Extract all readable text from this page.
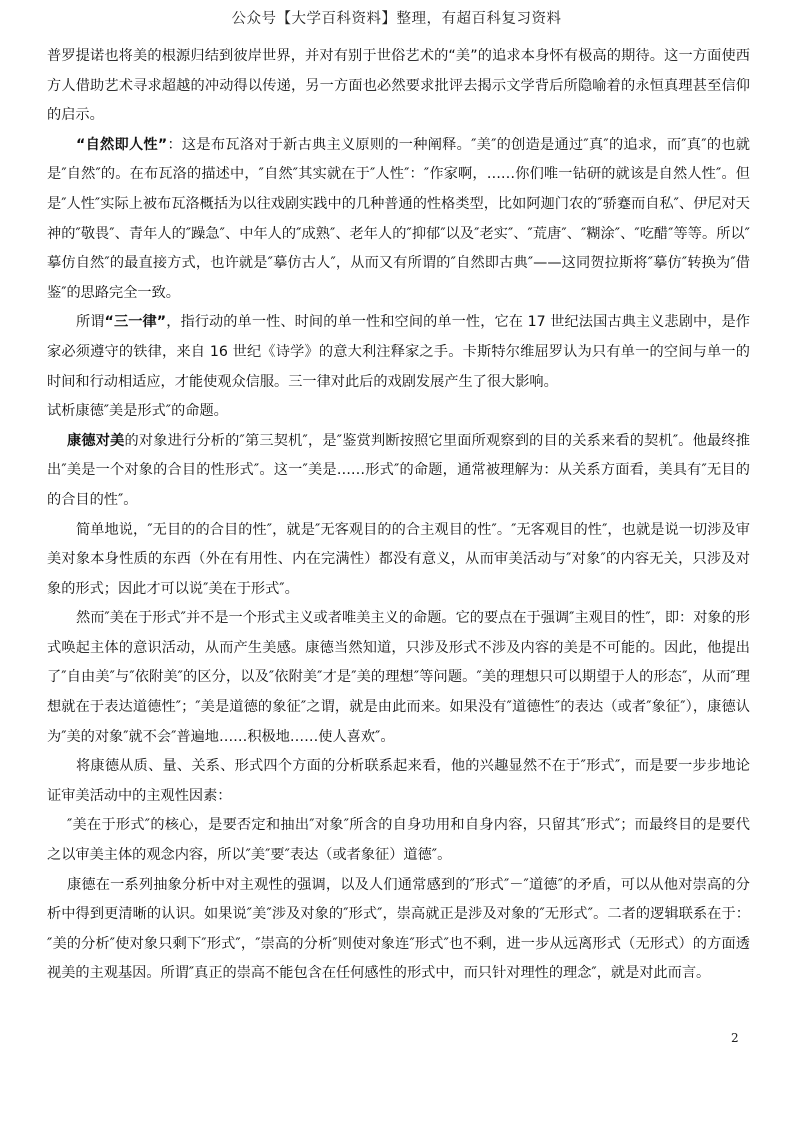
公众号【大学百科资料】整理，有超百科复习资料

普罗提诺也将美的根源归结到彼岸世界，并对有别于世俗艺术的“美”的追求本身怀有极高的期待。这一方面使西方人借助艺术寻求超越的冲动得以传递，另一方面也必然要求批评去揭示文学背后所隐喻着的永恒真理甚至信仰的启示。

“自然即人性”：这是布瓦洛对于新古典主义原则的一种阐释。″美″的创造是通过″真″的追求，而″真″的也就是″自然″的。在布瓦洛的描述中，″自然″其实就在于″人性″：″作家啊，……你们唯一钻研的就该是自然人性″。但是″人性″实际上被布瓦洛概括为以往戏剧实践中的几种普通的性格类型，比如阿迦门农的″骄蹇而自私″、伊尼对天神的″敬畏″、青年人的″躁急″、中年人的″成熟″、老年人的″抑郁″以及″老实″、″荒唐″、″糊涂″、″吃醋″等等。所以″摹仿自然″的最直接方式，也许就是″摹仿古人″，从而又有所谓的″自然即古典″——这同贺拉斯将″摹仿″转换为″借鉴″的思路完全一致。

所谓“三一律”，指行动的单一性、时间的单一性和空间的单一性，它在 17 世纪法国古典主义悲剧中，是作家必须遵守的铁律，来自 16 世纪《诗学》的意大利注释家之手。卡斯特尔维屈罗认为只有单一的空间与单一的时间和行动相适应，才能使观众信服。三一律对此后的戏剧发展产生了很大影响。

试析康德″美是形式″的命题。

康德对美的对象进行分析的″第三契机″，是″鉴赏判断按照它里面所观察到的目的关系来看的契机″。他最终推出″美是一个对象的合目的性形式″。这一″美是……形式″的命题，通常被理解为：从关系方面看，美具有″无目的的合目的性″。

简单地说，″无目的的合目的性″，就是″无客观目的的合主观目的性″。″无客观目的性″，也就是说一切涉及审美对象本身性质的东西（外在有用性、内在完满性）都没有意义，从而审美活动与″对象″的内容无关，只涉及对象的形式；因此才可以说″美在于形式″。

然而″美在于形式″并不是一个形式主义或者唯美主义的命题。它的要点在于强调″主观目的性″，即：对象的形式唤起主体的意识活动，从而产生美感。康德当然知道，只涉及形式不涉及内容的美是不可能的。因此，他提出了″自由美″与″依附美″的区分，以及″依附美″才是″美的理想″等问题。″美的理想只可以期望于人的形态″，从而″理想就在于表达道德性″；″美是道德的象征″之谓，就是由此而来。如果没有″道德性″的表达（或者″象征″），康德认为″美的对象″就不会″普遍地……积极地……使人喜欢″。

将康德从质、量、关系、形式四个方面的分析联系起来看，他的兴趣显然不在于″形式″，而是要一步步地论证审美活动中的主观性因素：

″美在于形式″的核心，是要否定和抽出″对象″所含的自身功用和自身内容，只留其″形式″；而最终目的是要代之以审美主体的观念内容，所以″美″要″表达（或者象征）道德″。

康德在一系列抽象分析中对主观性的强调，以及人们通常感到的″形式″－″道德″的矛盾，可以从他对崇高的分析中得到更清晰的认识。如果说″美″涉及对象的″形式″，崇高就正是涉及对象的″无形式″。二者的逻辑联系在于：″美的分析″使对象只剩下″形式″，″崇高的分析″则使对象连″形式″也不剩，进一步从远离形式（无形式）的方面透视美的主观基因。所谓″真正的崇高不能包含在任何感性的形式中，而只针对理性的理念″，就是对此而言。

2
